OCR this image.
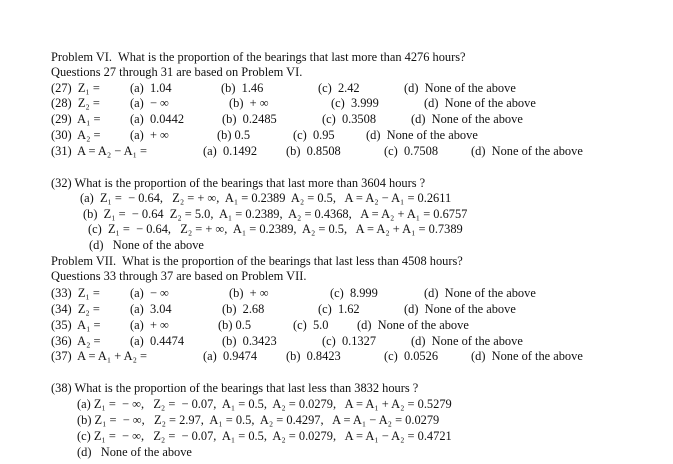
Problem VI.  What is the proportion of the bearings that last more than 4276 hours?
Questions 27 through 31 are based on Problem VI.
(27)  Z₁ = (a)  1.04	(b)  1.46	(c)  2.42	(d)  None of the above
(28)  Z₂ = (a)  − ∞	(b)  + ∞	(c)  3.999	(d)  None of the above
(29)  A₁ = (a)  0.0442	(b)  0.2485	(c)  0.3508	(d)  None of the above
(30)  A₂ = (a)  + ∞	(b) 0.5	(c)  0.95	(d)  None of the above
(31)  A = A₂ − A₁ =	(a)  0.1492 (b)  0.8508	(c)  0.7508	(d)  None of the above
(32) What is the proportion of the bearings that last more than 3604 hours ?
(a)  Z₁ =  − 0.64,   Z₂ = + ∞,  A₁ = 0.2389  A₂ = 0.5,   A = A₂ − A₁ = 0.2611
(b)  Z₁ =  − 0.64  Z₂ = 5.0,  A₁ = 0.2389,  A₂ = 0.4368,   A = A₂ + A₁ = 0.6757
(c)  Z₁ =  − 0.64,   Z₂ = + ∞,  A₁ = 0.2389,  A₂ = 0.5,   A = A₂ + A₁ = 0.7389
(d)   None of the above
Problem VII.  What is the proportion of the bearings that last less than 4508 hours?
Questions 33 through 37 are based on Problem VII.
(33)  Z₁ = (a)  − ∞	(b)  + ∞	(c)  8.999	(d)  None of the above
(34)  Z₂ = (a)  3.04	(b)  2.68	(c)  1.62	(d)  None of the above
(35)  A₁ = (a)  + ∞	(b) 0.5	(c)  5.0 (d)  None of the above
(36)  A₂ = (a)  0.4474	(b)  0.3423	(c)  0.1327	(d)  None of the above
(37)  A = A₁ + A₂ =	(a)  0.9474 (b)  0.8423	(c)  0.0526	(d)  None of the above
(38) What is the proportion of the bearings that last less than 3832 hours ?
(a) Z₁ =  − ∞,   Z₂ =  − 0.07,  A₁ = 0.5,  A₂ = 0.0279,   A = A₁ + A₂ = 0.5279
(b) Z₁ =  − ∞,   Z₂ = 2.97,  A₁ = 0.5,  A₂ = 0.4297,   A = A₁ − A₂ = 0.0279
(c) Z₁ =  − ∞,   Z₂ =  − 0.07,  A₁ = 0.5,  A₂ = 0.0279,   A = A₁ − A₂ = 0.4721
(d)   None of the above
